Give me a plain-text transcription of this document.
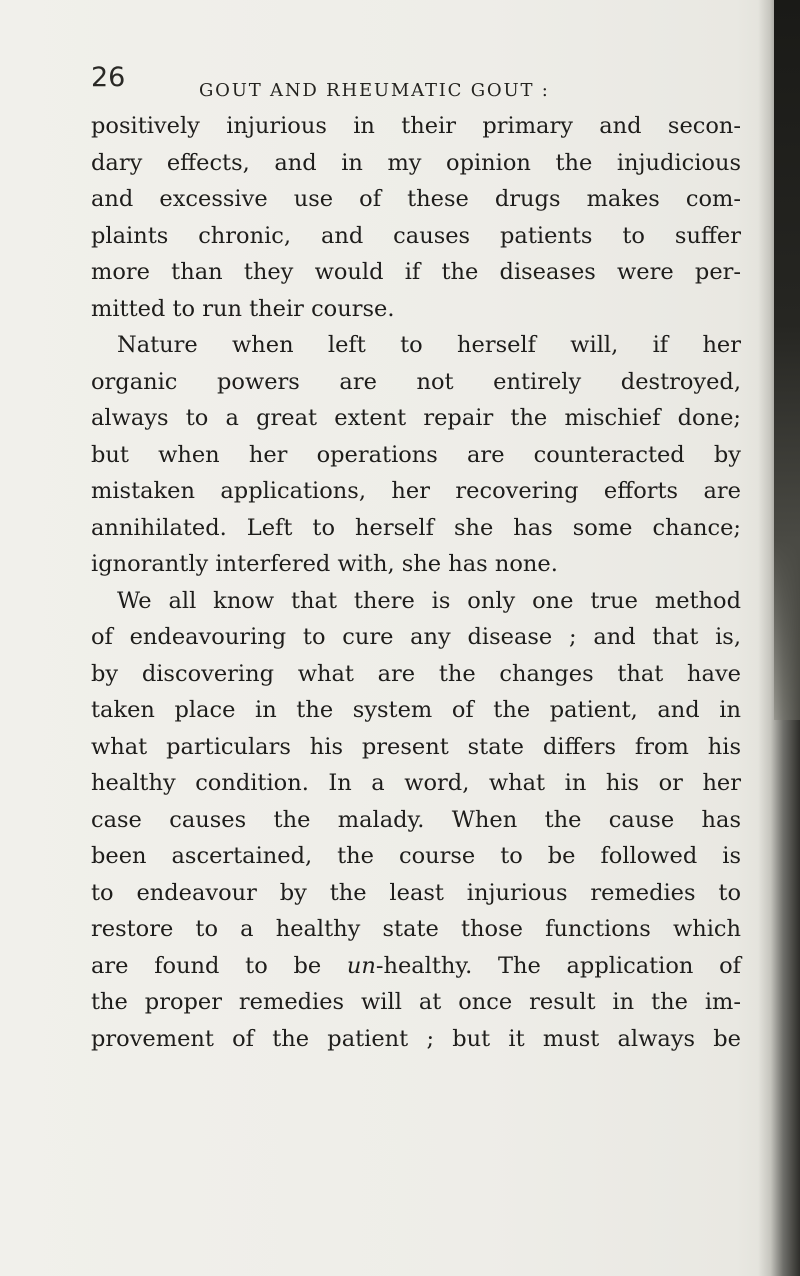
26	GOUT AND RHEUMATIC GOUT :
positively injurious in their primary and secon-
dary effects, and in my opinion the injudicious
and excessive use of these drugs makes com-
plaints chronic, and causes patients to suffer
more than they would if the diseases were per-
mitted to run their course.
Nature when left to herself will, if her
organic powers are not entirely destroyed,
always to a great extent repair the mischief done;
but when her operations are counteracted by
mistaken applications, her recovering efforts are
annihilated. Left to herself she has some chance;
ignorantly interfered with, she has none.
We all know that there is only one true method
of endeavouring to cure any disease ; and that is,
by discovering what are the changes that have
taken place in the system of the patient, and in
what particulars his present state differs from his
healthy condition. In a word, what in his or her
case causes the malady. When the cause has
been ascertained, the course to be followed is
to endeavour by the least injurious remedies to
restore to a healthy state those functions which
are found to be un-healthy. The application of
the proper remedies will at once result in the im-
provement of the patient ; but it must always be
